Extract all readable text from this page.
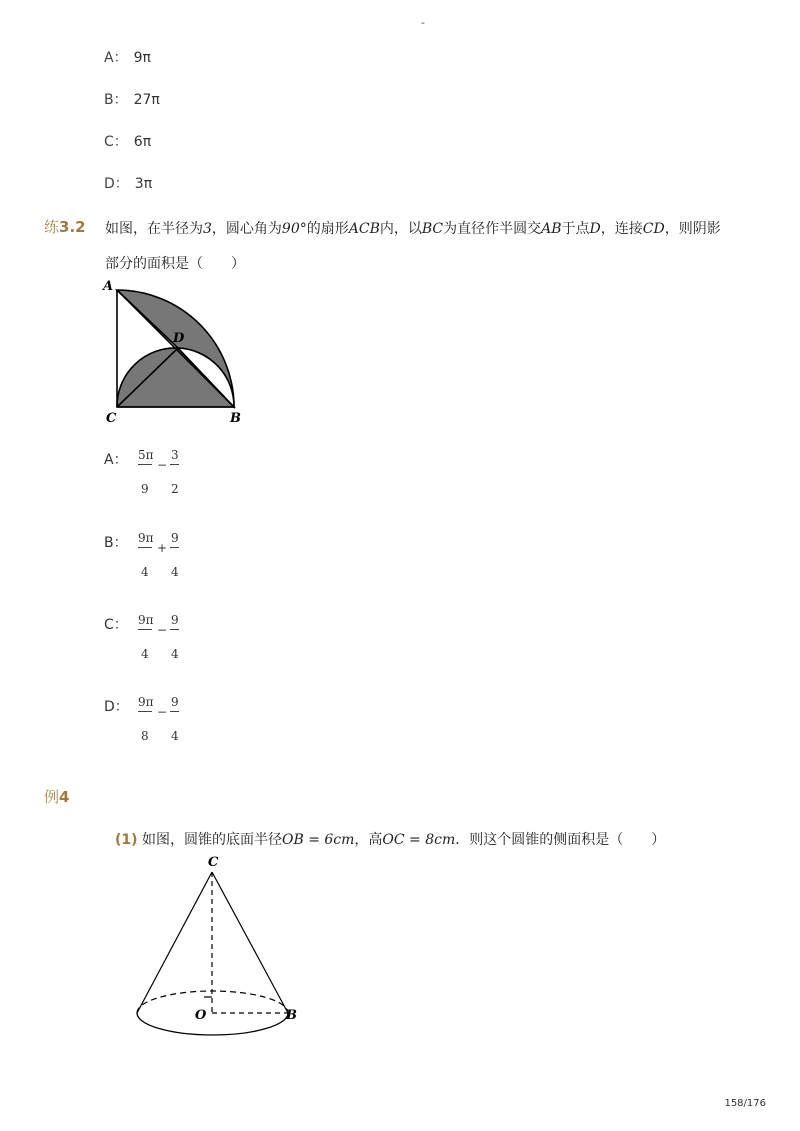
-
A： 9π
B： 27π
C： 6π
D： 3π
练3.2 如图，在半径为3，圆心角为90°的扇形ACB内，以BC为直径作半圆交AB于点D，连接CD，则阴影
部分的面积是（　　）
A
D
C	B
A： 5π
9
−
3
2
B： 9π
4
+
9
4
C： 9π
4
−
9
4
D： 9π
8
−
9
4
例4
(1) 如图，圆锥的底面半径OB = 6cm，高OC = 8cm．则这个圆锥的侧面积是（　　）
C
O	B
158/176
